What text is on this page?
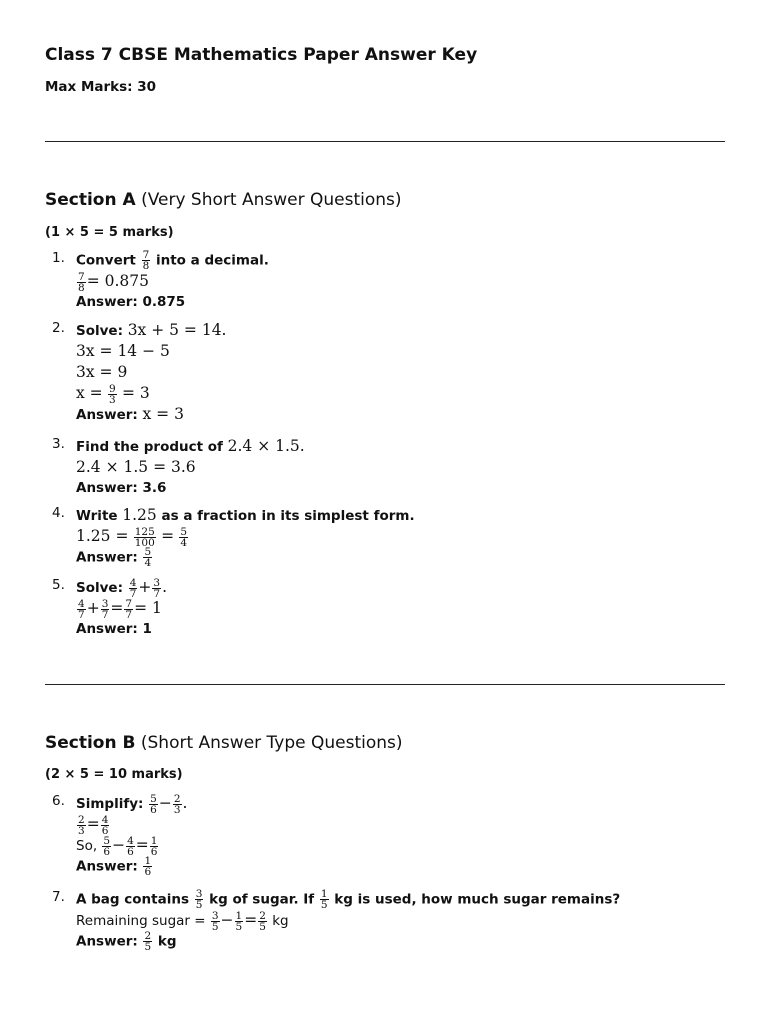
Class 7 CBSE Mathematics Paper Answer Key
Max Marks: 30
Section A (Very Short Answer Questions)
(1 × 5 = 5 marks)
1. Convert $\frac{7}{8}$ into a decimal.
$\frac{7}{8} = 0.875$
Answer: 0.875
2. Solve: 3x + 5 = 14.
3x = 14 − 5
3x = 9
$x = \frac{9}{3} = 3$
Answer: x = 3
3. Find the product of 2.4 × 1.5.
2.4 × 1.5 = 3.6
Answer: 3.6
4. Write 1.25 as a fraction in its simplest form.
$1.25 = \frac{125}{100} = \frac{5}{4}$
Answer: $\frac{5}{4}$
5. Solve: $\frac{4}{7} + \frac{3}{7}$ .
$\frac{4}{7} + \frac{3}{7} = \frac{7}{7} = 1$
Answer: 1
Section B (Short Answer Type Questions)
(2 × 5 = 10 marks)
6. Simplify: $\frac{5}{6} - \frac{2}{3}$ .
$\frac{2}{3} = \frac{4}{6}$
So, $\frac{5}{6} - \frac{4}{6} = \frac{1}{6}$
Answer: $\frac{1}{6}$
7. A bag contains $\frac{3}{5}$ kg of sugar. If $\frac{1}{5}$ kg is used, how much sugar remains?
Remaining sugar = $\frac{3}{5} - \frac{1}{5} = \frac{2}{5}$ kg
Answer: $\frac{2}{5}$ kg
